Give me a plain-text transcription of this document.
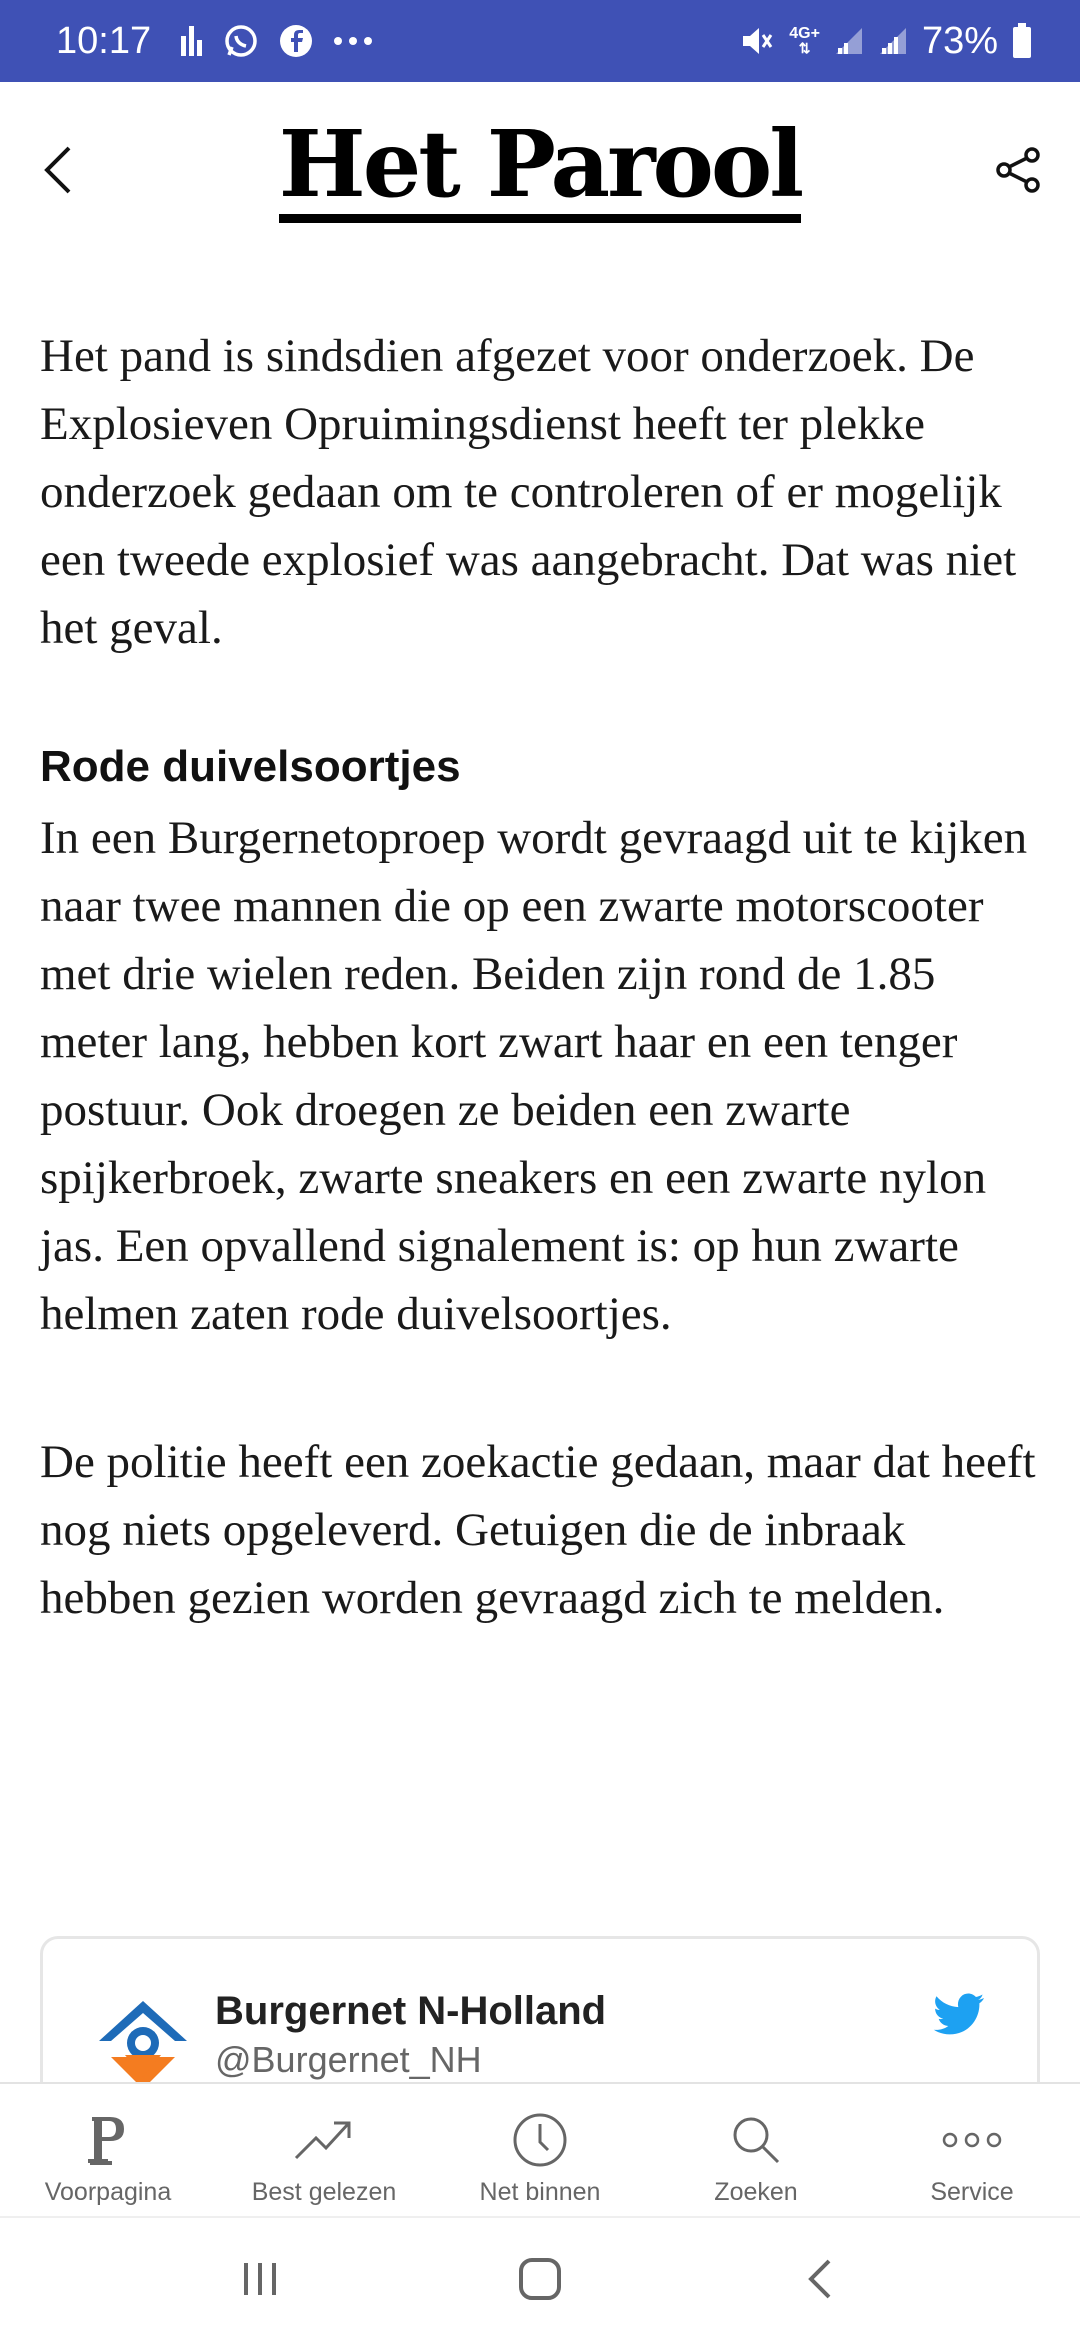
10:17	4G+
⇅	73%
Het Parool

Het pand is sindsdien afgezet voor onderzoek. De Explosieven Opruimingsdienst heeft ter plekke onderzoek gedaan om te controleren of er mogelijk een tweede explosief was aangebracht. Dat was niet het geval.

Rode duivelsoortjes

In een Burgernetoproep wordt gevraagd uit te kijken naar twee mannen die op een zwarte motorscooter met drie wielen reden. Beiden zijn rond de 1.85 meter lang, hebben kort zwart haar en een tenger postuur. Ook droegen ze beiden een zwarte spijkerbroek, zwarte sneakers en een zwarte nylon jas. Een opvallend signalement is: op hun zwarte helmen zaten rode duivelsoortjes.

De politie heeft een zoekactie gedaan, maar dat heeft nog niets opgeleverd. Getuigen die de inbraak hebben gezien worden gevraagd zich te melden.

Burgernet N-Holland
@Burgernet_NH
Voorpagina	Best gelezen	Net binnen	Zoeken	Service
